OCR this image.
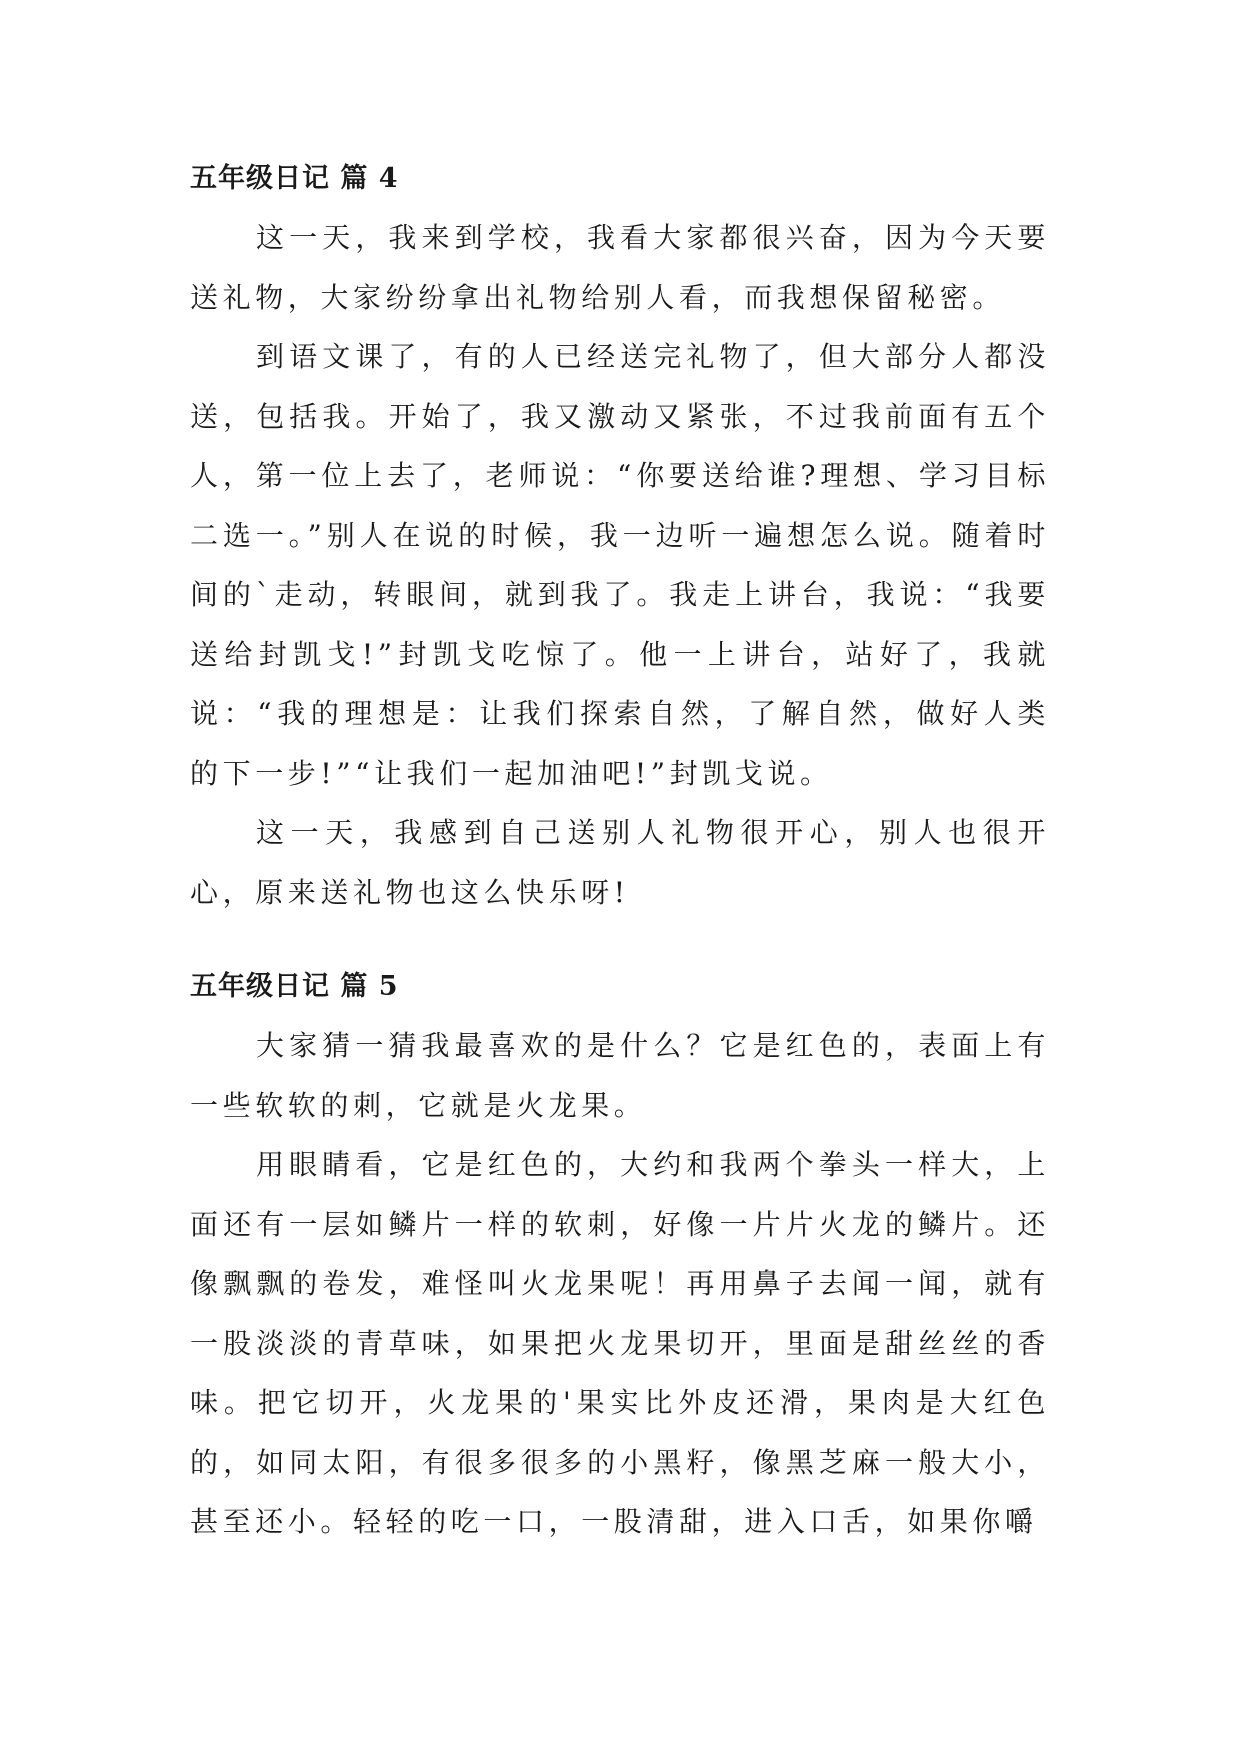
五年级日记 篇 4

这一天，我来到学校，我看大家都很兴奋，因为今天要送礼物，大家纷纷拿出礼物给别人看，而我想保留秘密。

到语文课了，有的人已经送完礼物了，但大部分人都没送，包括我。开始了，我又激动又紧张，不过我前面有五个人，第一位上去了，老师说：“你要送给谁?理想、学习目标二选一。”别人在说的时候，我一边听一遍想怎么说。随着时间的`走动，转眼间，就到我了。我走上讲台，我说：“我要送给封凯戈!”封凯戈吃惊了。他一上讲台，站好了，我就说：“我的理想是：让我们探索自然，了解自然，做好人类的下一步!”“让我们一起加油吧!”封凯戈说。

这一天，我感到自己送别人礼物很开心，别人也很开心，原来送礼物也这么快乐呀!

五年级日记 篇 5

大家猜一猜我最喜欢的是什么？它是红色的，表面上有一些软软的刺，它就是火龙果。

用眼睛看，它是红色的，大约和我两个拳头一样大，上面还有一层如鳞片一样的软刺，好像一片片火龙的鳞片。还像飘飘的卷发，难怪叫火龙果呢！再用鼻子去闻一闻，就有一股淡淡的青草味，如果把火龙果切开，里面是甜丝丝的香味。把它切开，火龙果的'果实比外皮还滑，果肉是大红色的，如同太阳，有很多很多的小黑籽，像黑芝麻一般大小，甚至还小。轻轻的吃一口，一股清甜，进入口舌，如果你嚼
